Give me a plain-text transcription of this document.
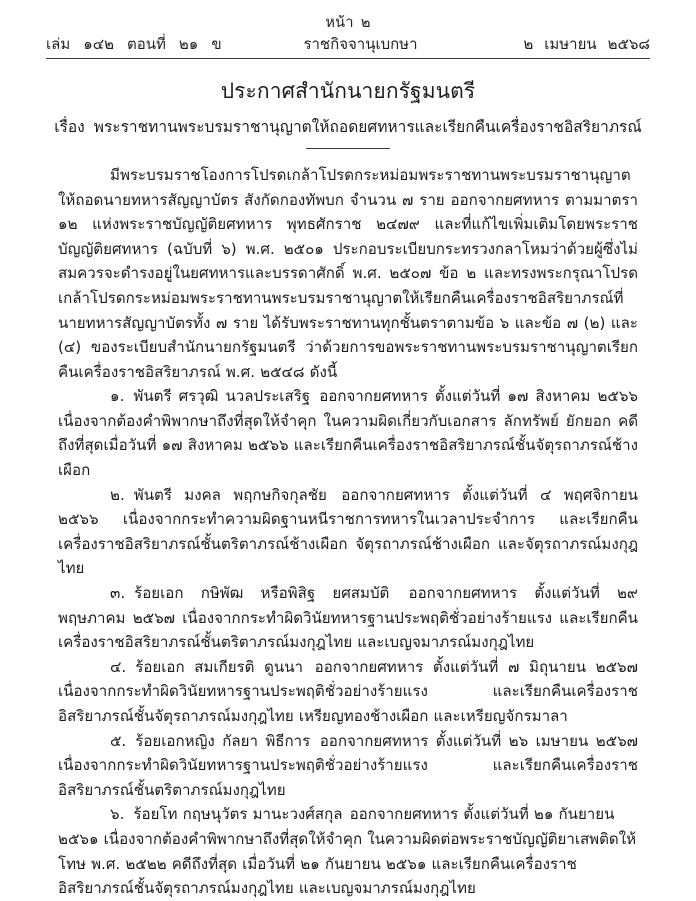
หน้า ๒
เล่ม ๑๔๒ ตอนที่ ๒๑ ข	ราชกิจจานุเบกษา	๒ เมษายน ๒๕๖๘
ประกาศสำนักนายกรัฐมนตรี
เรื่อง พระราชทานพระบรมราชานุญาตให้ถอดยศทหารและเรียกคืนเครื่องราชอิสริยาภรณ์

มีพระบรมราชโองการโปรดเกล้าโปรดกระหม่อมพระราชทานพระบรมราชานุญาตให้ถอดนายทหารสัญญาบัตร สังกัดกองทัพบก จำนวน ๗ ราย ออกจากยศทหาร ตามมาตรา ๑๒ แห่งพระราชบัญญัติยศทหาร พุทธศักราช ๒๔๗๙ และที่แก้ไขเพิ่มเติมโดยพระราชบัญญัติยศทหาร (ฉบับที่ ๖) พ.ศ. ๒๕๐๑ ประกอบระเบียบกระทรวงกลาโหมว่าด้วยผู้ซึ่งไม่สมควรจะดำรงอยู่ในยศทหารและบรรดาศักดิ์ พ.ศ. ๒๕๐๗ ข้อ ๒ และทรงพระกรุณาโปรดเกล้าโปรดกระหม่อมพระราชทานพระบรมราชานุญาตให้เรียกคืนเครื่องราชอิสริยาภรณ์ที่นายทหารสัญญาบัตรทั้ง ๗ ราย ได้รับพระราชทานทุกชั้นตราตามข้อ ๖ และข้อ ๗ (๒) และ (๔) ของระเบียบสำนักนายกรัฐมนตรี ว่าด้วยการขอพระราชทานพระบรมราชานุญาตเรียกคืนเครื่องราชอิสริยาภรณ์ พ.ศ. ๒๕๔๘ ดังนี้

๑. พันตรี ศรวุฒิ นวลประเสริฐ ออกจากยศทหาร ตั้งแต่วันที่ ๑๗ สิงหาคม ๒๕๖๖ เนื่องจากต้องคำพิพากษาถึงที่สุดให้จำคุก ในความผิดเกี่ยวกับเอกสาร ลักทรัพย์ ยักยอก คดีถึงที่สุดเมื่อวันที่ ๑๗ สิงหาคม ๒๕๖๖ และเรียกคืนเครื่องราชอิสริยาภรณ์ชั้นจัตุรถาภรณ์ช้างเผือก

๒. พันตรี มงคล พฤกษกิจกุลชัย ออกจากยศทหาร ตั้งแต่วันที่ ๔ พฤศจิกายน ๒๕๖๖ เนื่องจากกระทำความผิดฐานหนีราชการทหารในเวลาประจำการ และเรียกคืนเครื่องราชอิสริยาภรณ์ชั้นตริตาภรณ์ช้างเผือก จัตุรถาภรณ์ช้างเผือก และจัตุรถาภรณ์มงกุฎไทย

๓. ร้อยเอก กษิพัฒ หรือพิสิฐ ยศสมบัติ ออกจากยศทหาร ตั้งแต่วันที่ ๒๙ พฤษภาคม ๒๕๖๗ เนื่องจากกระทำผิดวินัยทหารฐานประพฤติชั่วอย่างร้ายแรง และเรียกคืนเครื่องราชอิสริยาภรณ์ชั้นตริตาภรณ์มงกุฎไทย และเบญจมาภรณ์มงกุฎไทย

๔. ร้อยเอก สมเกียรติ ดูนนา ออกจากยศทหาร ตั้งแต่วันที่ ๗ มิถุนายน ๒๕๖๗ เนื่องจากกระทำผิดวินัยทหารฐานประพฤติชั่วอย่างร้ายแรง และเรียกคืนเครื่องราชอิสริยาภรณ์ชั้นจัตุรถาภรณ์มงกุฎไทย เหรียญทองช้างเผือก และเหรียญจักรมาลา

๕. ร้อยเอกหญิง กัลยา พิธีการ ออกจากยศทหาร ตั้งแต่วันที่ ๒๖ เมษายน ๒๕๖๗ เนื่องจากกระทำผิดวินัยทหารฐานประพฤติชั่วอย่างร้ายแรง และเรียกคืนเครื่องราชอิสริยาภรณ์ชั้นตริตาภรณ์มงกุฎไทย

๖. ร้อยโท กฤษนุวัตร มานะวงศ์สกุล ออกจากยศทหาร ตั้งแต่วันที่ ๒๑ กันยายน ๒๕๖๑ เนื่องจากต้องคำพิพากษาถึงที่สุดให้จำคุก ในความผิดต่อพระราชบัญญัติยาเสพติดให้โทษ พ.ศ. ๒๕๒๒ คดีถึงที่สุด เมื่อวันที่ ๒๑ กันยายน ๒๕๖๑ และเรียกคืนเครื่องราชอิสริยาภรณ์ชั้นจัตุรถาภรณ์มงกุฎไทย และเบญจมาภรณ์มงกุฎไทย
